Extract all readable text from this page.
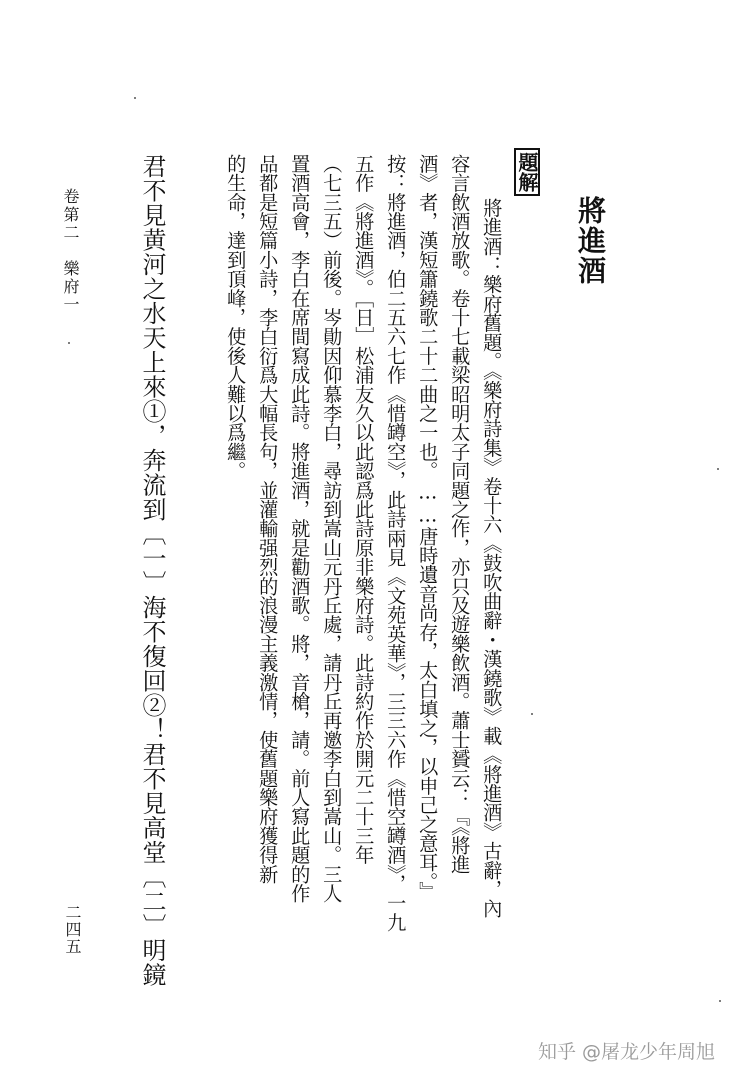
將進酒
題解
將進酒：樂府舊題。《樂府詩集》卷十六《鼓吹曲辭・漢鐃歌》載《將進酒》古辭，內
容言飲酒放歌。卷十七載梁昭明太子同題之作，亦只及遊樂飲酒。蕭士贇云：『《將進
酒》者，漢短簫鐃歌二十二曲之一也。……唐時遺音尚存，太白填之，以申己之意耳。』
按：將進酒，伯二五六七作《惜罇空》，此詩兩見《文苑英華》，三三六作《惜空罇酒》，一九
五作《將進酒》。［日］松浦友久以此認爲此詩原非樂府詩。此詩約作於開元二十三年
（七三五）前後。岑勛因仰慕李白，尋訪到嵩山元丹丘處，請丹丘再邀李白到嵩山。三人
置酒高會，李白在席間寫成此詩。將進酒，就是勸酒歌。將，音槍，請。前人寫此題的作
品都是短篇小詩，李白衍爲大幅長句，並灌輸强烈的浪漫主義激情，使舊題樂府獲得新
的生命，達到頂峰，使後人難以爲繼。
君不見黄河之水天上來①，奔流到〔一〕海不復回②！君不見高堂〔二〕明鏡
卷第二　樂府一
二四五
知乎 @屠龙少年周旭
